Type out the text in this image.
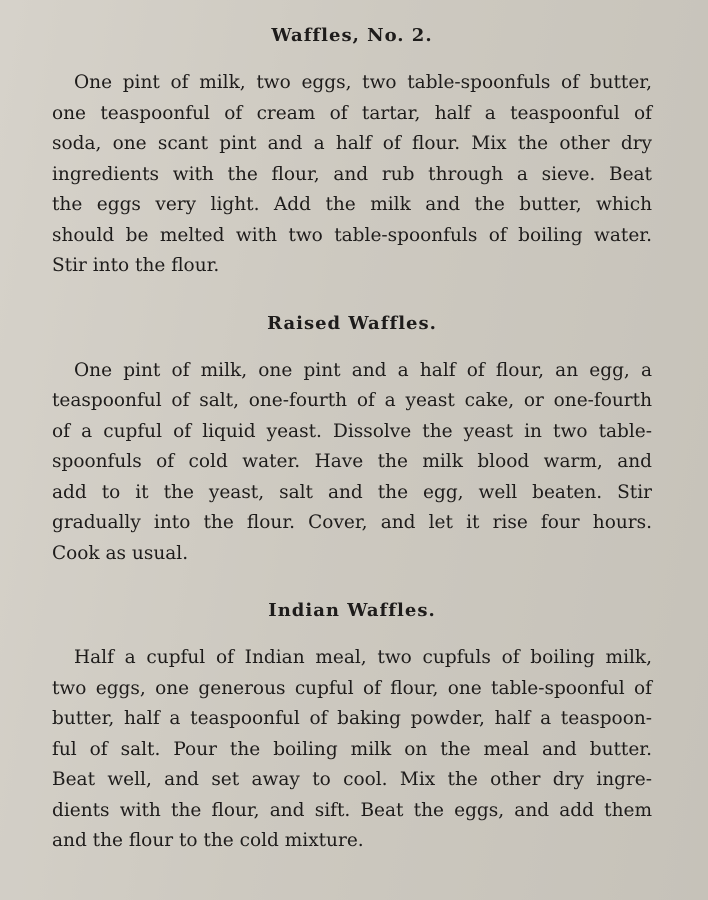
Waffles, No. 2.

One pint of milk, two eggs, two table-spoonfuls of butter,
one teaspoonful of cream of tartar, half a teaspoonful of
soda, one scant pint and a half of flour. Mix the other dry
ingredients with the flour, and rub through a sieve. Beat
the eggs very light. Add the milk and the butter, which
should be melted with two table-spoonfuls of boiling water.
Stir into the flour.

Raised Waffles.

One pint of milk, one pint and a half of flour, an egg, a
teaspoonful of salt, one-fourth of a yeast cake, or one-fourth
of a cupful of liquid yeast. Dissolve the yeast in two table-
spoonfuls of cold water. Have the milk blood warm, and
add to it the yeast, salt and the egg, well beaten. Stir
gradually into the flour. Cover, and let it rise four hours.
Cook as usual.

Indian Waffles.

Half a cupful of Indian meal, two cupfuls of boiling milk,
two eggs, one generous cupful of flour, one table-spoonful of
butter, half a teaspoonful of baking powder, half a teaspoon-
ful of salt. Pour the boiling milk on the meal and butter.
Beat well, and set away to cool. Mix the other dry ingre-
dients with the flour, and sift. Beat the eggs, and add them
and the flour to the cold mixture.
